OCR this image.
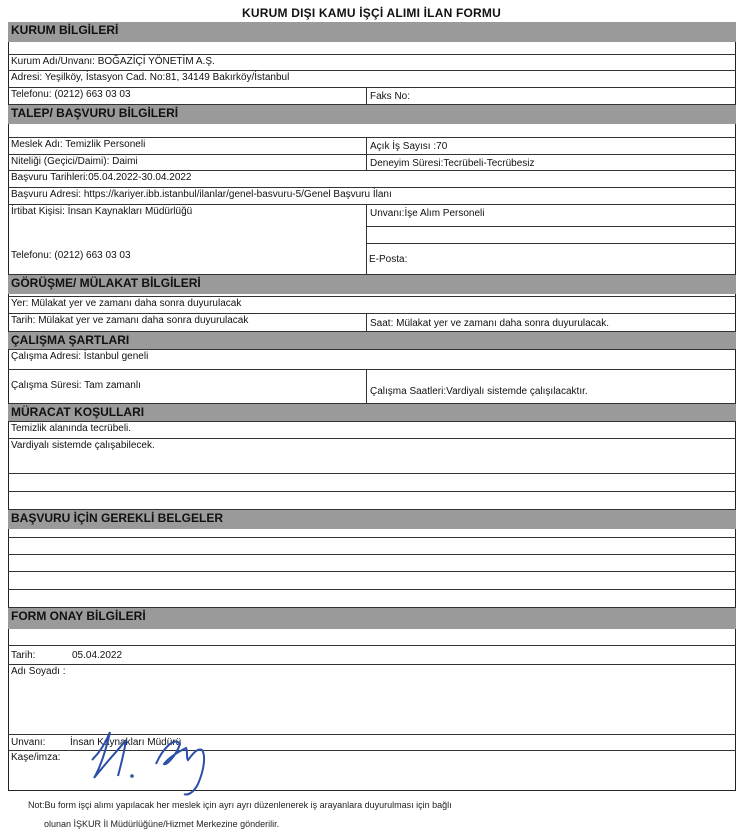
KURUM DIŞI KAMU İŞÇİ ALIMI İLAN FORMU
KURUM BİLGİLERİ
Kurum Adı/Unvanı: BOĞAZİÇİ YÖNETİM A.Ş.
Adresi: Yeşilköy, İstasyon Cad. No:81, 34149 Bakırköy/İstanbul
Telefonu: (0212) 663 03 03	Faks No:
TALEP/ BAŞVURU BİLGİLERİ
Meslek Adı: Temizlik Personeli	Açık İş Sayısı :70
Niteliği (Geçici/Daimi): Daimi	Deneyim Süresi:Tecrübeli-Tecrübesiz
Başvuru Tarihleri:05.04.2022-30.04.2022
Başvuru Adresi: https://kariyer.ibb.istanbul/ilanlar/genel-basvuru-5/Genel Başvuru İlanı
İrtibat Kişisi: İnsan Kaynakları Müdürlüğü	Unvanı:İşe Alım Personeli
Telefonu: (0212) 663 03 03	E-Posta:
GÖRÜŞME/ MÜLAKAT BİLGİLERİ
Yer: Mülakat yer ve zamanı daha sonra duyurulacak
Tarih: Mülakat yer ve zamanı daha sonra duyurulacak	Saat: Mülakat yer ve zamanı daha sonra duyurulacak.
ÇALIŞMA ŞARTLARI
Çalışma Adresi: İstanbul geneli
Çalışma Süresi: Tam zamanlı
Çalışma Saatleri:Vardiyalı sistemde çalışılacaktır.
MÜRACAT KOŞULLARI
Temizlik alanında tecrübeli.
Vardiyalı sistemde çalışabilecek.
BAŞVURU İÇİN GEREKLİ BELGELER
FORM ONAY BİLGİLERİ
Tarih:	05.04.2022
Adı Soyadı :
Unvanı:	İnsan Kaynakları Müdürü
Kaşe/imza:
Not:Bu form işçi alımı yapılacak her meslek için ayrı ayrı düzenlenerek iş arayanlara duyurulması için bağlı
olunan İŞKUR İl Müdürlüğüne/Hizmet Merkezine gönderilir.
